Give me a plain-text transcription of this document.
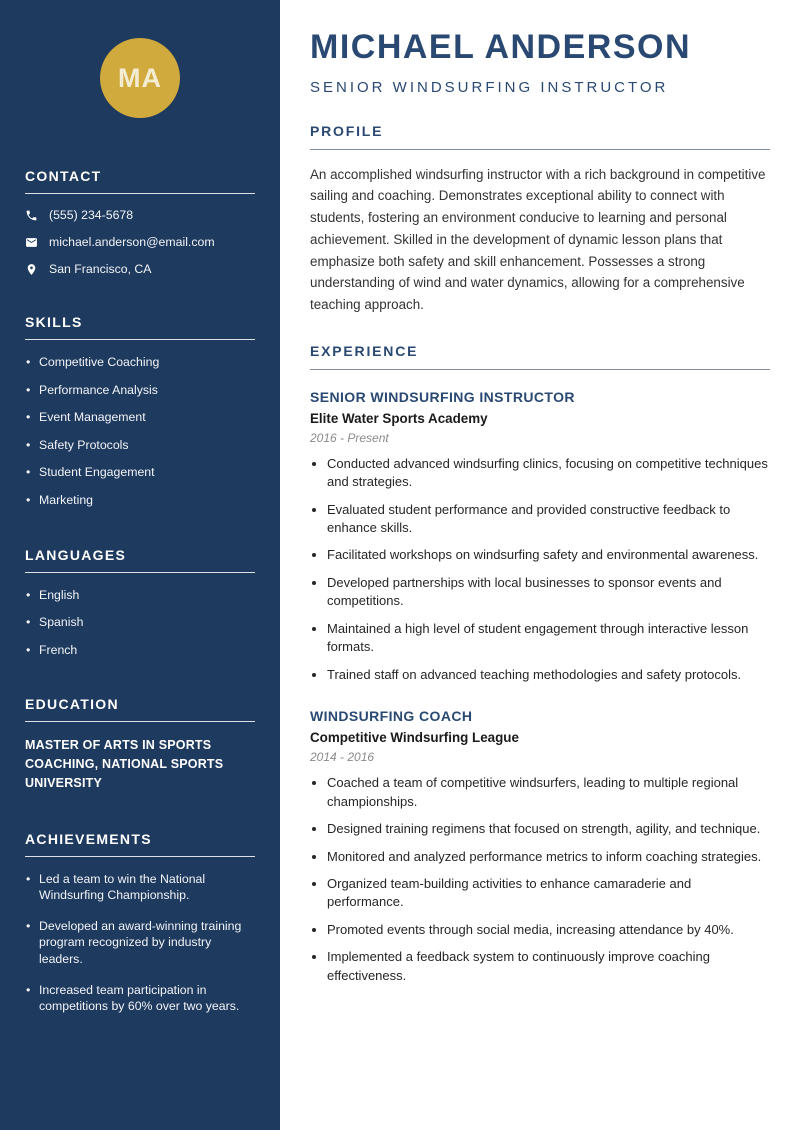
MA
CONTACT
(555) 234-5678
michael.anderson@email.com
San Francisco, CA
SKILLS
• Competitive Coaching
• Performance Analysis
• Event Management
• Safety Protocols
• Student Engagement
• Marketing
LANGUAGES
• English
• Spanish
• French
EDUCATION

MASTER OF ARTS IN SPORTS COACHING, NATIONAL SPORTS UNIVERSITY

ACHIEVEMENTS
• Led a team to win the National Windsurfing Championship.
• Developed an award-winning training program recognized by industry leaders.
• Increased team participation in competitions by 60% over two years.
MICHAEL ANDERSON
SENIOR WINDSURFING INSTRUCTOR
PROFILE

An accomplished windsurfing instructor with a rich background in competitive sailing and coaching. Demonstrates exceptional ability to connect with students, fostering an environment conducive to learning and personal achievement. Skilled in the development of dynamic lesson plans that emphasize both safety and skill enhancement. Possesses a strong understanding of wind and water dynamics, allowing for a comprehensive teaching approach.

EXPERIENCE
SENIOR WINDSURFING INSTRUCTOR
Elite Water Sports Academy
2016 - Present
• Conducted advanced windsurfing clinics, focusing on competitive techniques and strategies.
• Evaluated student performance and provided constructive feedback to enhance skills.
• Facilitated workshops on windsurfing safety and environmental awareness.
• Developed partnerships with local businesses to sponsor events and competitions.
• Maintained a high level of student engagement through interactive lesson formats.
• Trained staff on advanced teaching methodologies and safety protocols.
WINDSURFING COACH
Competitive Windsurfing League
2014 - 2016
• Coached a team of competitive windsurfers, leading to multiple regional championships.
• Designed training regimens that focused on strength, agility, and technique.
• Monitored and analyzed performance metrics to inform coaching strategies.
• Organized team-building activities to enhance camaraderie and performance.
• Promoted events through social media, increasing attendance by 40%.
• Implemented a feedback system to continuously improve coaching effectiveness.
